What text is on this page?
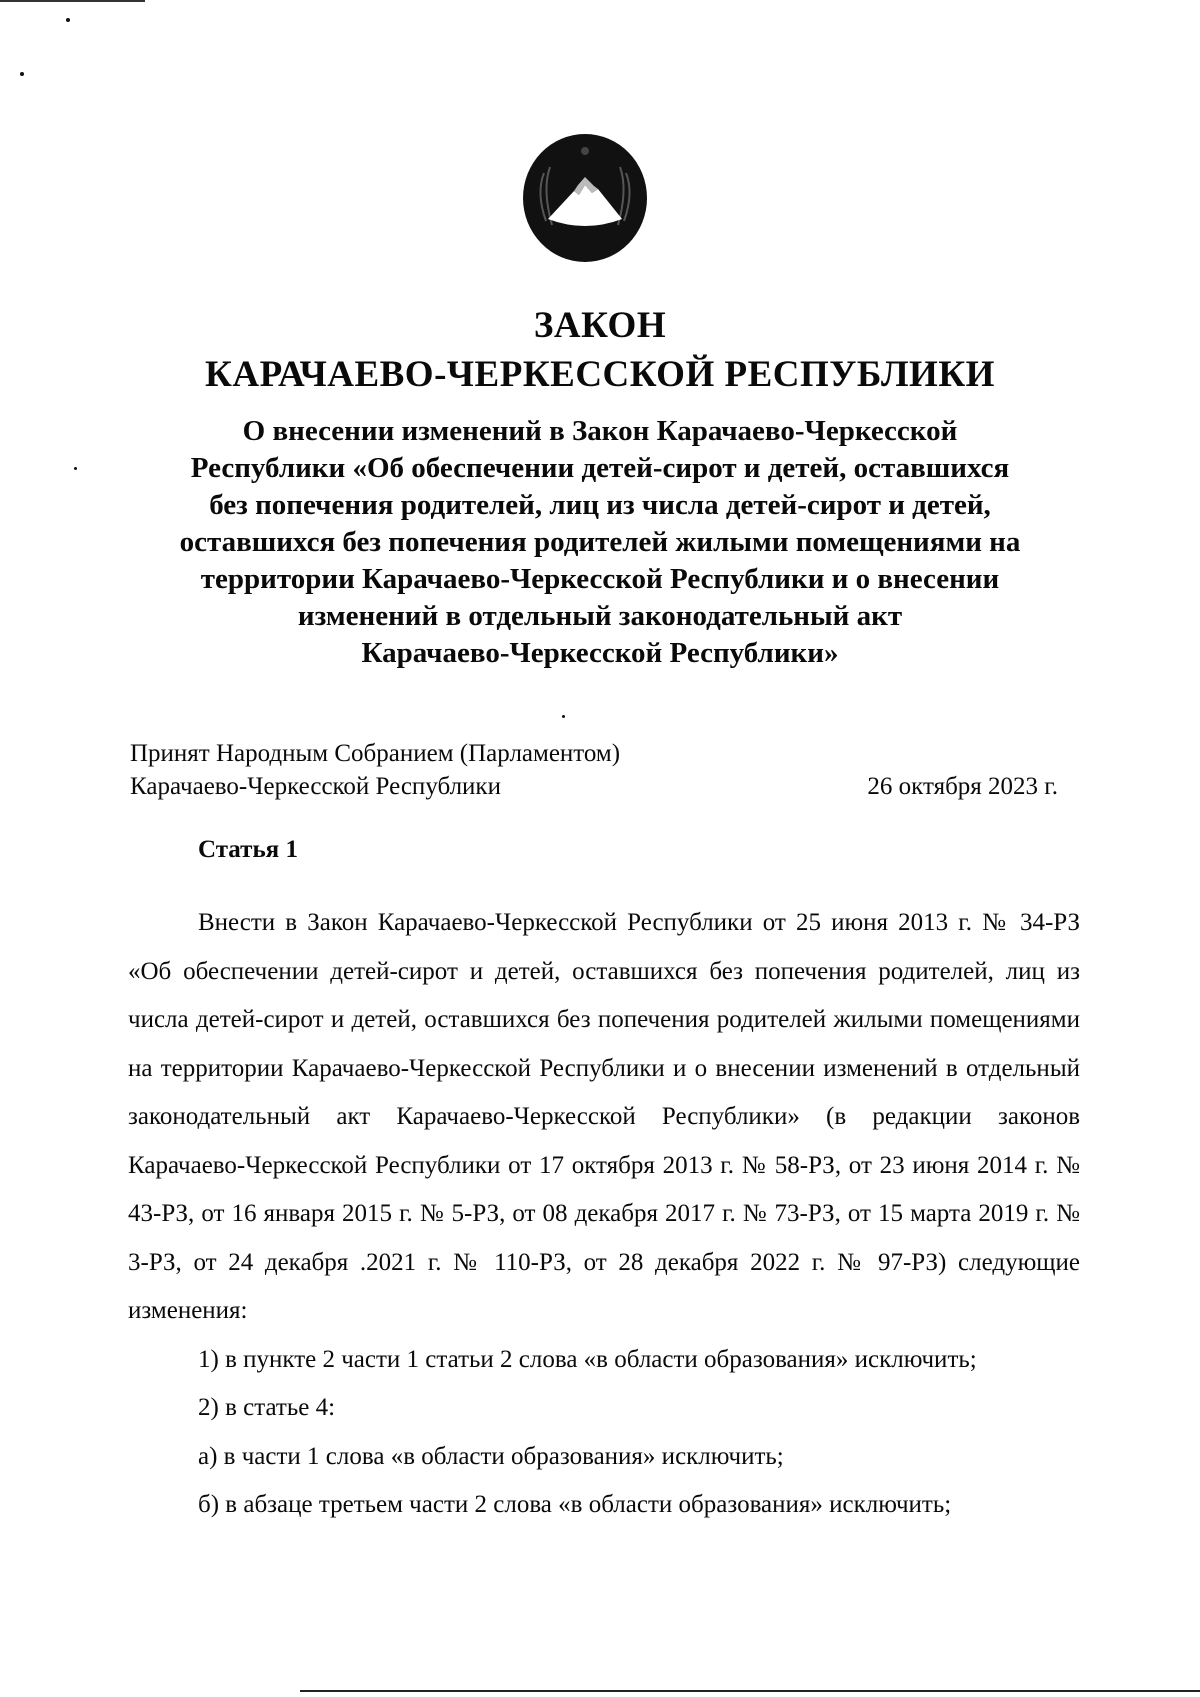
ЗАКОН
КАРАЧАЕВО-ЧЕРКЕССКОЙ РЕСПУБЛИКИ
О внесении изменений в Закон Карачаево-Черкесской
Республики «Об обеспечении детей-сирот и детей, оставшихся
без попечения родителей, лиц из числа детей-сирот и детей,
оставшихся без попечения родителей жилыми помещениями на
территории Карачаево-Черкесской Республики и о внесении
изменений в отдельный законодательный акт
Карачаево-Черкесской Республики»
Принят Народным Собранием (Парламентом)
Карачаево-Черкесской Республики	26 октября 2023 г.
Статья 1

Внести в Закон Карачаево-Черкесской Республики от 25 июня 2013 г. № 34-РЗ «Об обеспечении детей-сирот и детей, оставшихся без попечения родителей, лиц из числа детей-сирот и детей, оставшихся без попечения родителей жилыми помещениями на территории Карачаево-Черкесской Республики и о внесении изменений в отдельный законодательный акт Карачаево-Черкесской Республики» (в редакции законов Карачаево-Черкесской Республики от 17 октября 2013 г. № 58-РЗ, от 23 июня 2014 г. № 43-РЗ, от 16 января 2015 г. № 5-РЗ, от 08 декабря 2017 г. № 73-РЗ, от 15 марта 2019 г. № 3-РЗ, от 24 декабря .2021 г. № 110-РЗ, от 28 декабря 2022 г. № 97-РЗ) следующие изменения:

1) в пункте 2 части 1 статьи 2 слова «в области образования» исключить;

2) в статье 4:

а) в части 1 слова «в области образования» исключить;

б) в абзаце третьем части 2 слова «в области образования» исключить;
